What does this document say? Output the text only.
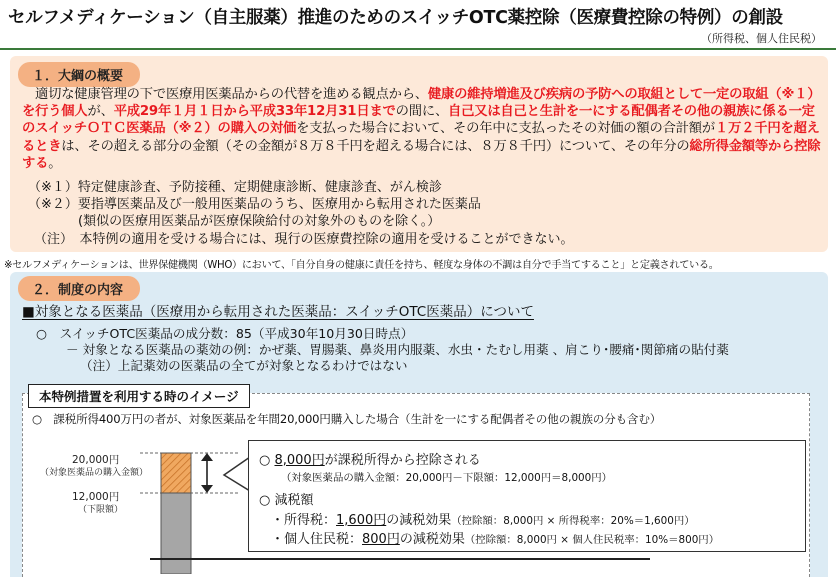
セルフメディケーション（自主服薬）推進のためのスイッチOTC薬控除（医療費控除の特例）の創設
（所得税、個人住民税）
１．大綱の概要
適切な健康管理の下で医療用医薬品からの代替を進める観点から、健康の維持増進及び疾病の予防への取組として一定の取組（※１）を行う個人が、平成29年１月１日から平成33年12月31日までの間に、自己又は自己と生計を一にする配偶者その他の親族に係る一定のスイッチＯＴＣ医薬品（※２）の購入の対価を支払った場合において、その年中に支払ったその対価の額の合計額が１万２千円を超えるときは、その超える部分の金額（その金額が８万８千円を超える場合には、８万８千円）について、その年分の総所得金額等から控除する。
（※１）特定健康診査、予防接種、定期健康診断、健康診査、がん検診
（※２）要指導医薬品及び一般用医薬品のうち、医療用から転用された医薬品
(類似の医療用医薬品が医療保険給付の対象外のものを除く。）
（注）　本特例の適用を受ける場合には、現行の医療費控除の適用を受けることができない。
※セルフメディケーションは、世界保健機関（WHO）において、「自分自身の健康に責任を持ち、軽度な身体の不調は自分で手当てすること」と定義されている。
２．制度の内容
■対象となる医薬品（医療用から転用された医薬品：スイッチOTC医薬品）について
○　スイッチOTC医薬品の成分数：85（平成30年10月30日時点）
－ 対象となる医薬品の薬効の例：かぜ薬、胃腸薬、鼻炎用内服薬、水虫・たむし用薬 、肩こり･腰痛･関節痛の貼付薬
（注）上記薬効の医薬品の全てが対象となるわけではない
本特例措置を利用する時のイメージ
○　課税所得400万円の者が、対象医薬品を年間20,000円購入した場合（生計を一にする配偶者その他の親族の分も含む）
20,000円
（対象医薬品の購入金額）
12,000円
（下限額）
○ 8,000円が課税所得から控除される
（対象医薬品の購入金額：20,000円－下限額：12,000円＝8,000円）
○ 減税額
・所得税：1,600円の減税効果（控除額：8,000円 × 所得税率：20%＝1,600円）
・個人住民税：800円の減税効果（控除額：8,000円 × 個人住民税率：10%＝800円）
